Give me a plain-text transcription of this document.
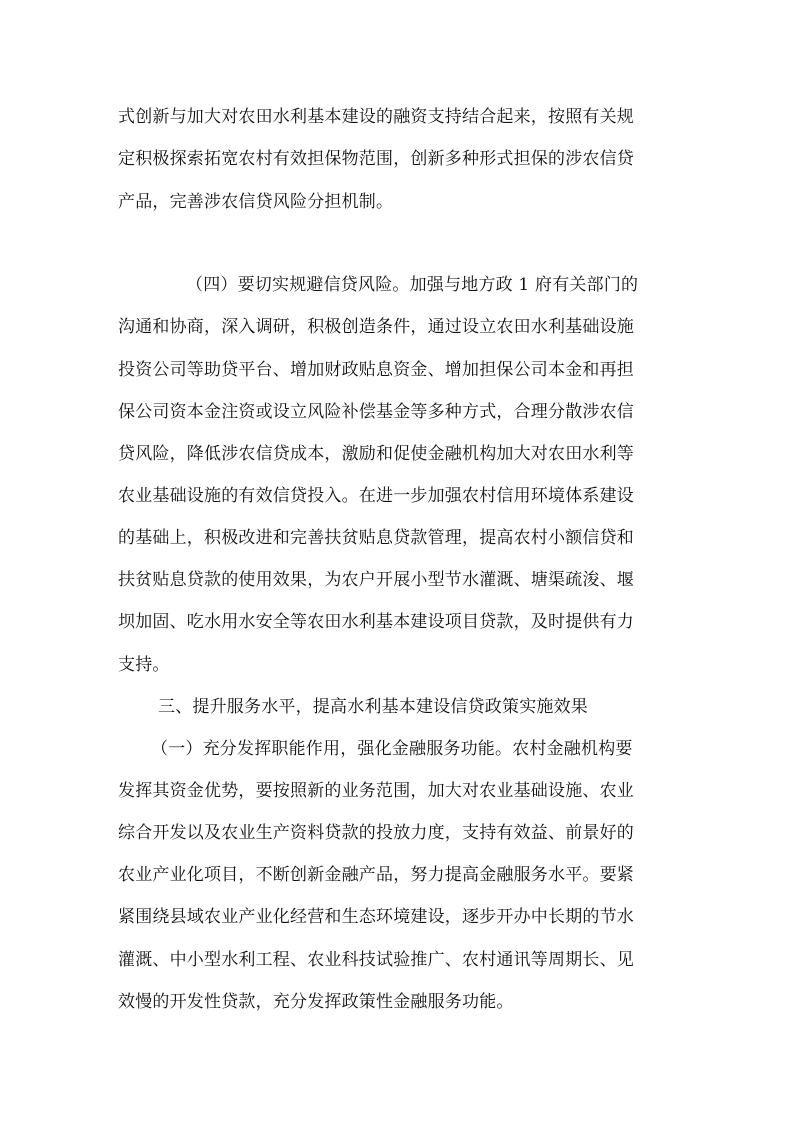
式创新与加大对农田水利基本建设的融资支持结合起来，按照有关规
定积极探索拓宽农村有效担保物范围，创新多种形式担保的涉农信贷
产品，完善涉农信贷风险分担机制。
（四）要切实规避信贷风险。加强与地方政 1 府有关部门的
沟通和协商，深入调研，积极创造条件，通过设立农田水利基础设施
投资公司等助贷平台、增加财政贴息资金、增加担保公司本金和再担
保公司资本金注资或设立风险补偿基金等多种方式，合理分散涉农信
贷风险，降低涉农信贷成本，激励和促使金融机构加大对农田水利等
农业基础设施的有效信贷投入。在进一步加强农村信用环境体系建设
的基础上，积极改进和完善扶贫贴息贷款管理，提高农村小额信贷和
扶贫贴息贷款的使用效果，为农户开展小型节水灌溉、塘渠疏浚、堰
坝加固、吃水用水安全等农田水利基本建设项目贷款，及时提供有力
支持。
三、提升服务水平，提高水利基本建设信贷政策实施效果
（一）充分发挥职能作用，强化金融服务功能。农村金融机构要
发挥其资金优势，要按照新的业务范围，加大对农业基础设施、农业
综合开发以及农业生产资料贷款的投放力度，支持有效益、前景好的
农业产业化项目，不断创新金融产品，努力提高金融服务水平。要紧
紧围绕县域农业产业化经营和生态环境建设，逐步开办中长期的节水
灌溉、中小型水利工程、农业科技试验推广、农村通讯等周期长、见
效慢的开发性贷款，充分发挥政策性金融服务功能。
